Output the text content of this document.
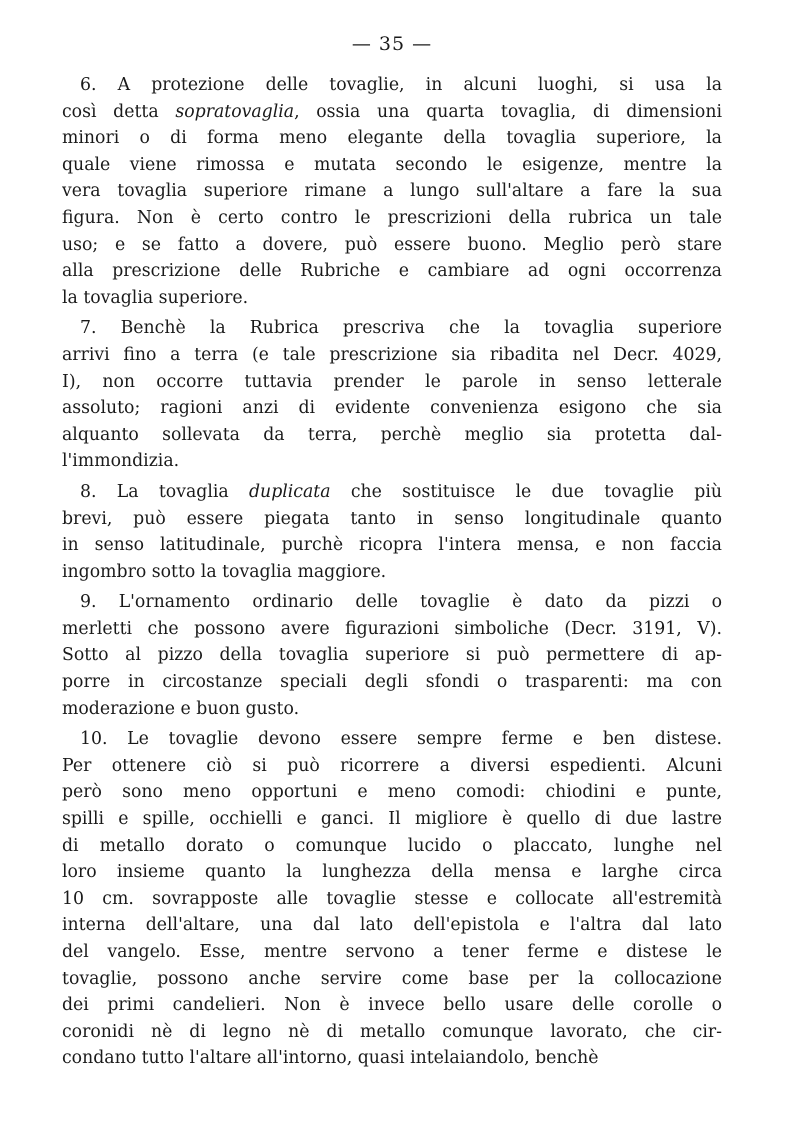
— 35 —

6. A protezione delle tovaglie, in alcuni luoghi, si usa la
così detta sopratovaglia, ossia una quarta tovaglia, di dimensioni
minori o di forma meno elegante della tovaglia superiore, la
quale viene rimossa e mutata secondo le esigenze, mentre la
vera tovaglia superiore rimane a lungo sull'altare a fare la sua
figura. Non è certo contro le prescrizioni della rubrica un tale
uso; e se fatto a dovere, può essere buono. Meglio però stare
alla prescrizione delle Rubriche e cambiare ad ogni occorrenza
la tovaglia superiore.

7. Benchè la Rubrica prescriva che la tovaglia superiore
arrivi fino a terra (e tale prescrizione sia ribadita nel Decr. 4029,
I), non occorre tuttavia prender le parole in senso letterale
assoluto; ragioni anzi di evidente convenienza esigono che sia
alquanto sollevata da terra, perchè meglio sia protetta dal-
l'immondizia.

8. La tovaglia duplicata che sostituisce le due tovaglie più
brevi, può essere piegata tanto in senso longitudinale quanto
in senso latitudinale, purchè ricopra l'intera mensa, e non faccia
ingombro sotto la tovaglia maggiore.

9. L'ornamento ordinario delle tovaglie è dato da pizzi o
merletti che possono avere figurazioni simboliche (Decr. 3191, V).
Sotto al pizzo della tovaglia superiore si può permettere di ap-
porre in circostanze speciali degli sfondi o trasparenti: ma con
moderazione e buon gusto.

10. Le tovaglie devono essere sempre ferme e ben distese.
Per ottenere ciò si può ricorrere a diversi espedienti. Alcuni
però sono meno opportuni e meno comodi: chiodini e punte,
spilli e spille, occhielli e ganci. Il migliore è quello di due lastre
di metallo dorato o comunque lucido o placcato, lunghe nel
loro insieme quanto la lunghezza della mensa e larghe circa
10 cm. sovrapposte alle tovaglie stesse e collocate all'estremità
interna dell'altare, una dal lato dell'epistola e l'altra dal lato
del vangelo. Esse, mentre servono a tener ferme e distese le
tovaglie, possono anche servire come base per la collocazione
dei primi candelieri. Non è invece bello usare delle corolle o
coronidi nè di legno nè di metallo comunque lavorato, che cir-
condano tutto l'altare all'intorno, quasi intelaiandolo, benchè
